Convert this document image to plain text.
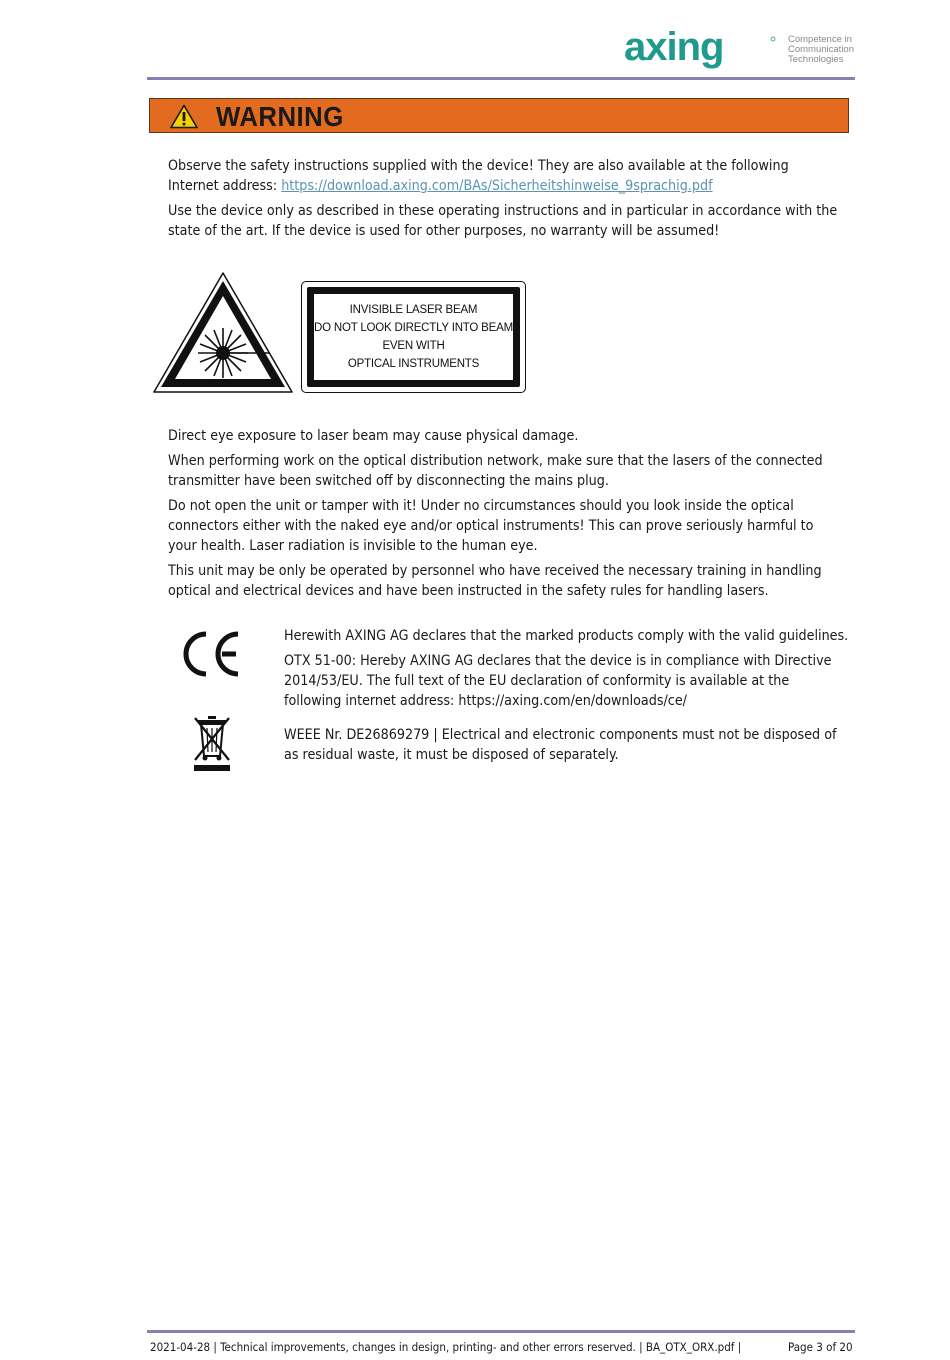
axing	Competence in
Communication
Technologies
WARNING

Observe the safety instructions supplied with the device! They are also available at the following Internet address: https://download.axing.com/BAs/Sicherheitshinweise_9sprachig.pdf

Use the device only as described in these operating instructions and in particular in accordance with the state of the art. If the device is used for other purposes, no warranty will be assumed!

INVISIBLE LASER BEAM
DO NOT LOOK DIRECTLY INTO BEAM
EVEN WITH
OPTICAL INSTRUMENTS

Direct eye exposure to laser beam may cause physical damage.

When performing work on the optical distribution network, make sure that the lasers of the connected transmitter have been switched off by disconnecting the mains plug.

Do not open the unit or tamper with it! Under no circumstances should you look inside the optical connectors either with the naked eye and/or optical instruments! This can prove seriously harmful to your health. Laser radiation is invisible to the human eye.

This unit may be only be operated by personnel who have received the necessary training in handling optical and electrical devices and have been instructed in the safety rules for handling lasers.

Herewith AXING AG declares that the marked products comply with the valid guidelines.

OTX 51-00: Hereby AXING AG declares that the device is in compliance with Directive 2014/53/EU. The full text of the EU declaration of conformity is available at the following internet address: https://axing.com/en/downloads/ce/

WEEE Nr. DE26869279 | Electrical and electronic components must not be disposed of as residual waste, it must be disposed of separately.

2021-04-28 | Technical improvements, changes in design, printing- and other errors reserved. | BA_OTX_ORX.pdf |	Page 3 of 20
